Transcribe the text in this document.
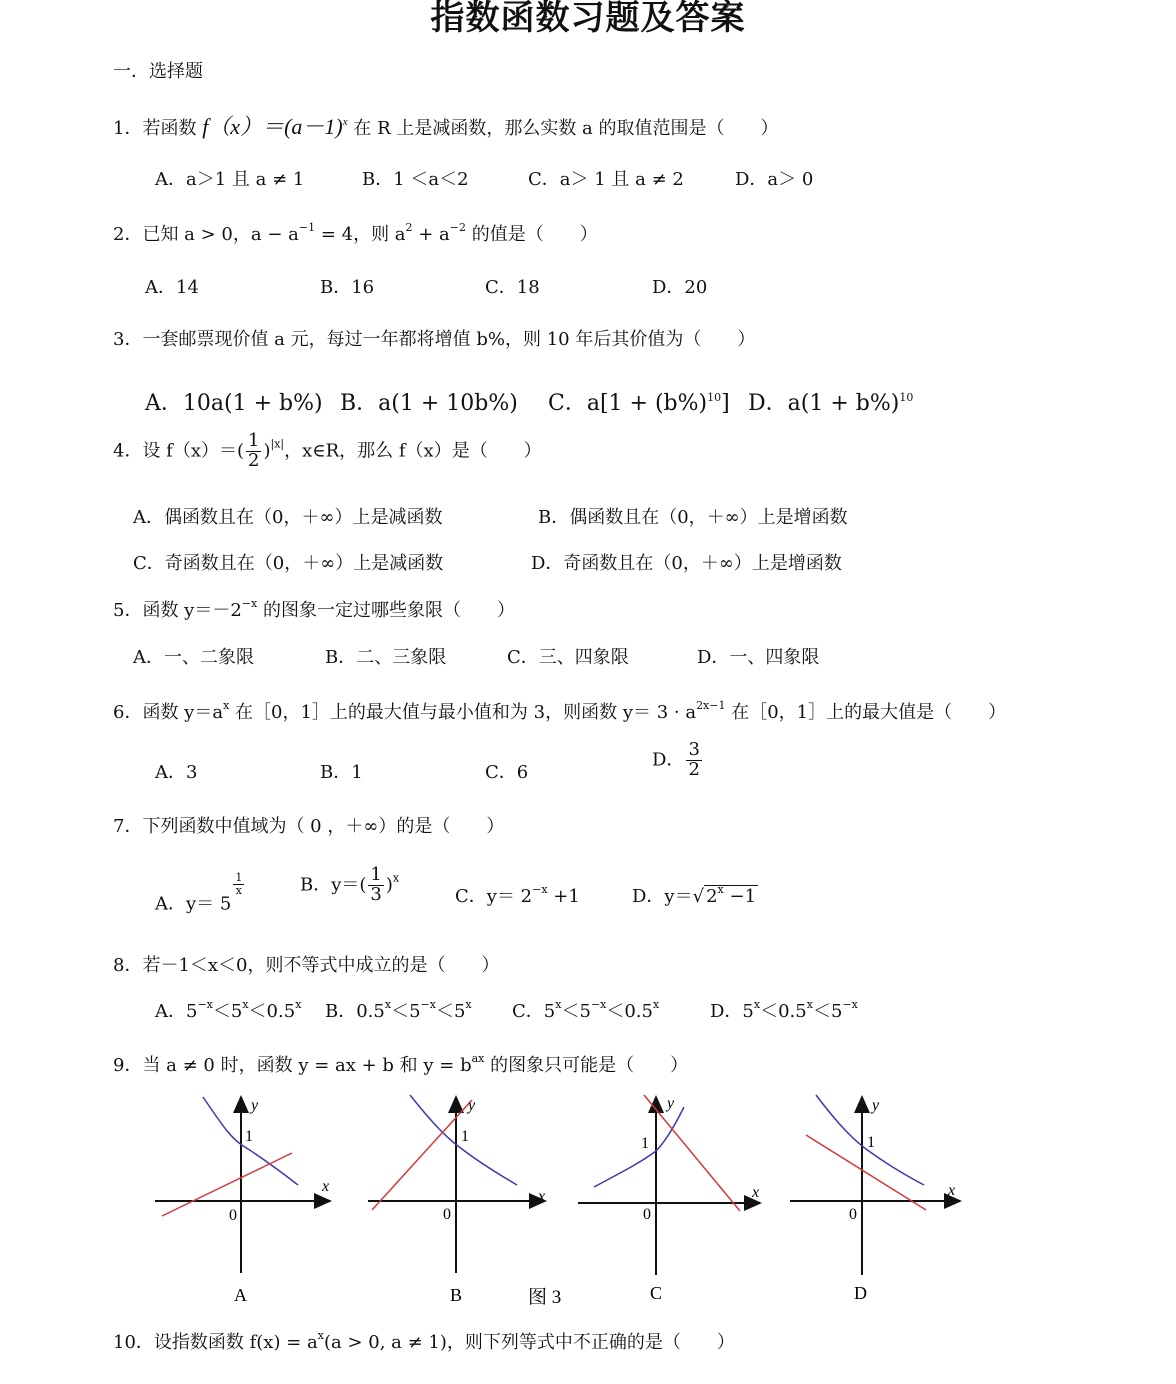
指数函数习题及答案
一．选择题
1．若函数 $f(x)=(a-1)^x$ 在 R 上是减函数，那么实数 a 的取值范围是（　　）
A．a＞1 且 a ≠ 1	B．1 ＜a＜2	C．a＞ 1 且 a ≠ 2	D．a＞ 0
2．已知 a > 0，$a - a^{-1} = 4$，则 $a^2 + a^{-2}$ 的值是（　　）
A．14	B．16	C．18	D．20
3．一套邮票现价值 a 元，每过一年都将增值 b%，则 10 年后其价值为（　　）
A．10a(1 + b%) B．a(1 + 10b%) C．$a[1 + (b\%)^{10}]$ D．$a(1 + b\%)^{10}$
4．设 $f(x)=( \frac{1}{2} )^{|x|}$，x∈R，那么 f（x）是（　　）
A．偶函数且在（0，＋∞）上是减函数	B．偶函数且在（0，＋∞）上是增函数
C．奇函数且在（0，＋∞）上是减函数	D．奇函数且在（0，＋∞）上是增函数
5．函数 $y=-2^{-x}$ 的图象一定过哪些象限（　　）
A．一、二象限	B．二、三象限	C．三、四象限	D．一、四象限
6．函数 $y=a^x$ 在［0，1］上的最大值与最小值和为 3，则函数 $y= 3 \cdot a^{2x-1}$ 在［0，1］上的最大值是（　　）
A．3	B．1	C．6
D． $\frac{3}{2}$
7．下列函数中值域为（ 0 ，＋∞）的是（　　）
A．y＝ 5
$\frac{1}{x}$	B．$y=( \frac{1}{3} )^x$
C．$y= 2^{-x} +1$	D．y＝√ $2^x -1$
8．若－1＜x＜0，则不等式中成立的是（　　）
A．$5^{-x}<5^x<0.5^x$ B．$0.5^x<5^{-x}<5^x$ C．$5^x<5^{-x}<0.5^x$	D．$5^x<0.5^x<5^{-x}$
9．当 a ≠ 0 时，函数 y = ax + b 和 $y = b^{ax}$ 的图象只可能是（　　）
x
y
0
1
A
x
y
0
1
B	图 3
x
y
0
1
C
x
y
0
1
D
10．设指数函数 $f(x) = a^x(a > 0$, a ≠ 1)，则下列等式中不正确的是（　　）
